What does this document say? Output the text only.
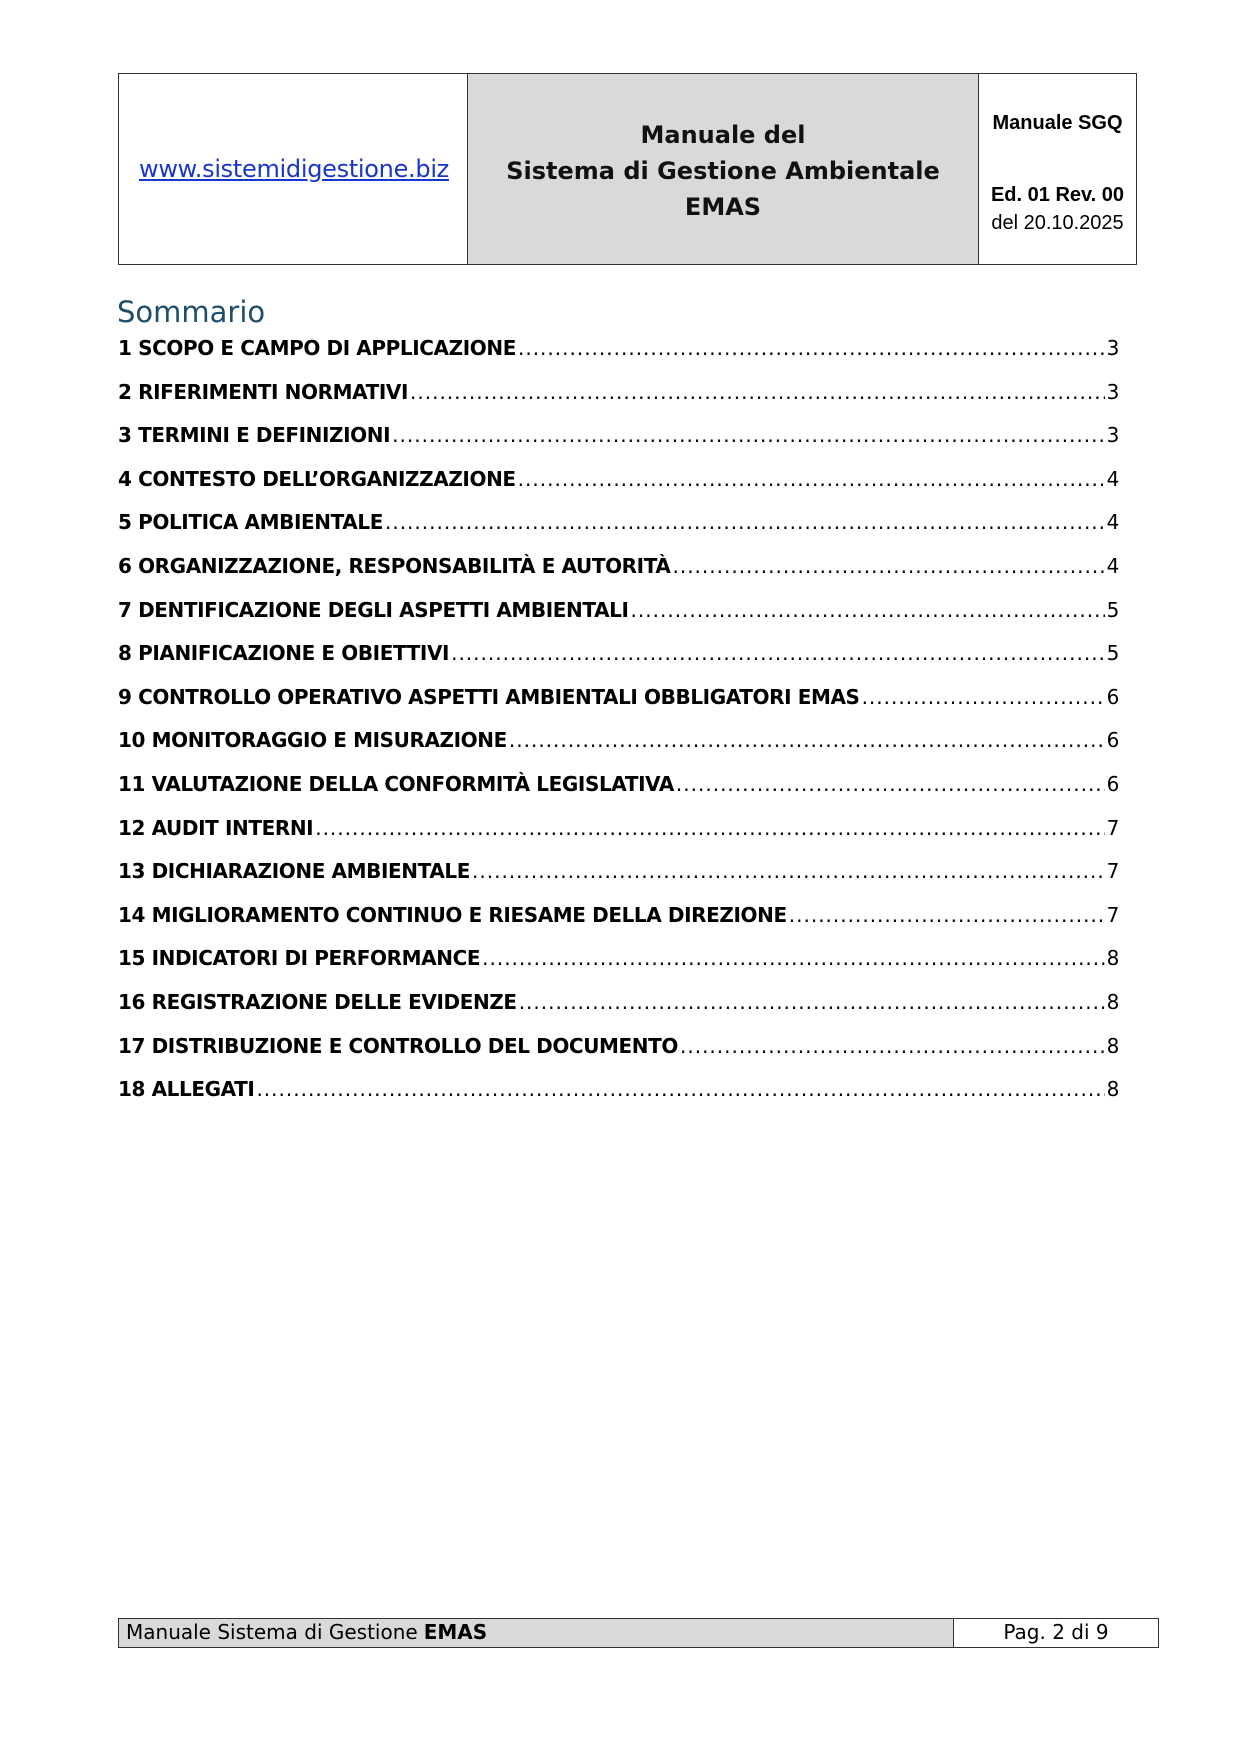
www.sistemidigestione.biz
Manuale del
Sistema di Gestione Ambientale
EMAS
Manuale SGQ
Ed. 01 Rev. 00
del 20.10.2025
Sommario
1 SCOPO E CAMPO DI APPLICAZIONE .....	3
2 RIFERIMENTI NORMATIVI .....	3
3 TERMINI E DEFINIZIONI .....	3
4 CONTESTO DELL’ORGANIZZAZIONE .....	4
5 POLITICA AMBIENTALE .....	4
6 ORGANIZZAZIONE, RESPONSABILITÀ E AUTORITÀ .....	4
7 DENTIFICAZIONE DEGLI ASPETTI AMBIENTALI .....	5
8 PIANIFICAZIONE E OBIETTIVI .....	5
9 CONTROLLO OPERATIVO ASPETTI AMBIENTALI OBBLIGATORI EMAS .....	6
10 MONITORAGGIO E MISURAZIONE .....	6
11 VALUTAZIONE DELLA CONFORMITÀ LEGISLATIVA .....	6
12 AUDIT INTERNI .....	7
13 DICHIARAZIONE AMBIENTALE .....	7
14 MIGLIORAMENTO CONTINUO E RIESAME DELLA DIREZIONE .....	7
15 INDICATORI DI PERFORMANCE .....	8
16 REGISTRAZIONE DELLE EVIDENZE .....	8
17 DISTRIBUZIONE E CONTROLLO DEL DOCUMENTO .....	8
18 ALLEGATI .....	8
Manuale Sistema di Gestione EMAS	Pag. 2 di 9
